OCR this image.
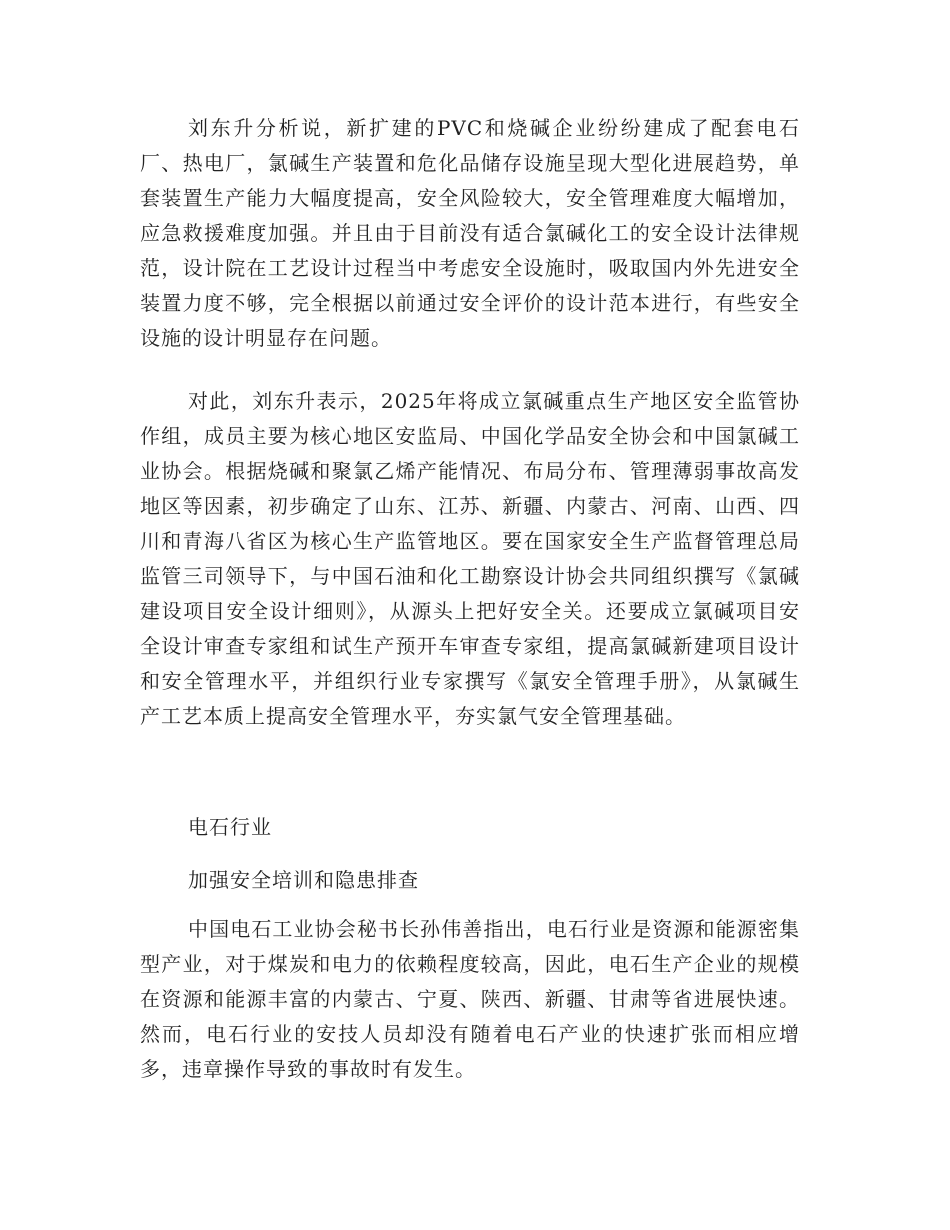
刘东升分析说，新扩建的PVC和烧碱企业纷纷建成了配套电石厂、热电厂，氯碱生产装置和危化品储存设施呈现大型化进展趋势，单套装置生产能力大幅度提高，安全风险较大，安全管理难度大幅增加，应急救援难度加强。并且由于目前没有适合氯碱化工的安全设计法律规范，设计院在工艺设计过程当中考虑安全设施时，吸取国内外先进安全装置力度不够，完全根据以前通过安全评价的设计范本进行，有些安全设施的设计明显存在问题。

对此，刘东升表示，2025年将成立氯碱重点生产地区安全监管协作组，成员主要为核心地区安监局、中国化学品安全协会和中国氯碱工业协会。根据烧碱和聚氯乙烯产能情况、布局分布、管理薄弱事故高发地区等因素，初步确定了山东、江苏、新疆、内蒙古、河南、山西、四川和青海八省区为核心生产监管地区。要在国家安全生产监督管理总局监管三司领导下，与中国石油和化工勘察设计协会共同组织撰写《氯碱建设项目安全设计细则》，从源头上把好安全关。还要成立氯碱项目安全设计审查专家组和试生产预开车审查专家组，提高氯碱新建项目设计和安全管理水平，并组织行业专家撰写《氯安全管理手册》，从氯碱生产工艺本质上提高安全管理水平，夯实氯气安全管理基础。

电石行业

加强安全培训和隐患排查

中国电石工业协会秘书长孙伟善指出，电石行业是资源和能源密集型产业，对于煤炭和电力的依赖程度较高，因此，电石生产企业的规模在资源和能源丰富的内蒙古、宁夏、陕西、新疆、甘肃等省进展快速。然而，电石行业的安技人员却没有随着电石产业的快速扩张而相应增多，违章操作导致的事故时有发生。
